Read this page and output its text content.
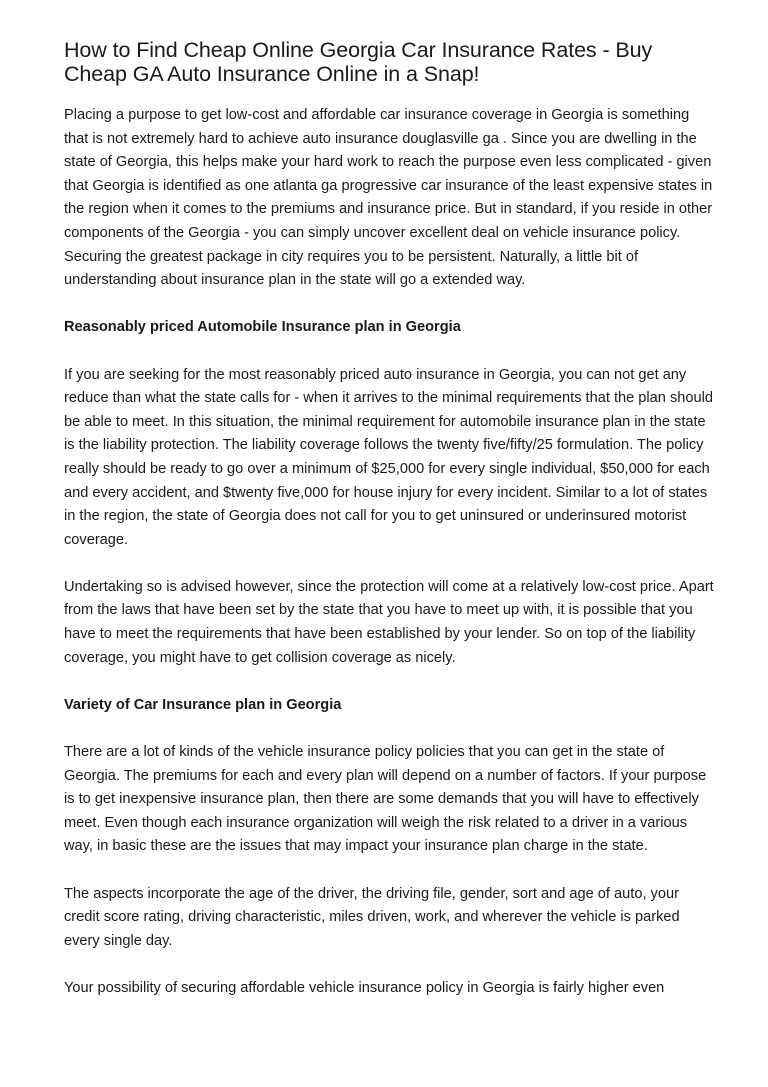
How to Find Cheap Online Georgia Car Insurance Rates - Buy Cheap GA Auto Insurance Online in a Snap!

Placing a purpose to get low-cost and affordable car insurance coverage in Georgia is something that is not extremely hard to achieve auto insurance douglasville ga . Since you are dwelling in the state of Georgia, this helps make your hard work to reach the purpose even less complicated - given that Georgia is identified as one atlanta ga progressive car insurance of the least expensive states in the region when it comes to the premiums and insurance price. But in standard, if you reside in other components of the Georgia - you can simply uncover excellent deal on vehicle insurance policy. Securing the greatest package in city requires you to be persistent. Naturally, a little bit of understanding about insurance plan in the state will go a extended way.

Reasonably priced Automobile Insurance plan in Georgia

If you are seeking for the most reasonably priced auto insurance in Georgia, you can not get any reduce than what the state calls for - when it arrives to the minimal requirements that the plan should be able to meet. In this situation, the minimal requirement for automobile insurance plan in the state is the liability protection. The liability coverage follows the twenty five/fifty/25 formulation. The policy really should be ready to go over a minimum of $25,000 for every single individual, $50,000 for each and every accident, and $twenty five,000 for house injury for every incident. Similar to a lot of states in the region, the state of Georgia does not call for you to get uninsured or underinsured motorist coverage.

Undertaking so is advised however, since the protection will come at a relatively low-cost price. Apart from the laws that have been set by the state that you have to meet up with, it is possible that you have to meet the requirements that have been established by your lender. So on top of the liability coverage, you might have to get collision coverage as nicely.

Variety of Car Insurance plan in Georgia

There are a lot of kinds of the vehicle insurance policy policies that you can get in the state of Georgia. The premiums for each and every plan will depend on a number of factors. If your purpose is to get inexpensive insurance plan, then there are some demands that you will have to effectively meet. Even though each insurance organization will weigh the risk related to a driver in a various way, in basic these are the issues that may impact your insurance plan charge in the state.

The aspects incorporate the age of the driver, the driving file, gender, sort and age of auto, your credit score rating, driving characteristic, miles driven, work, and wherever the vehicle is parked every single day.

Your possibility of securing affordable vehicle insurance policy in Georgia is fairly higher even
